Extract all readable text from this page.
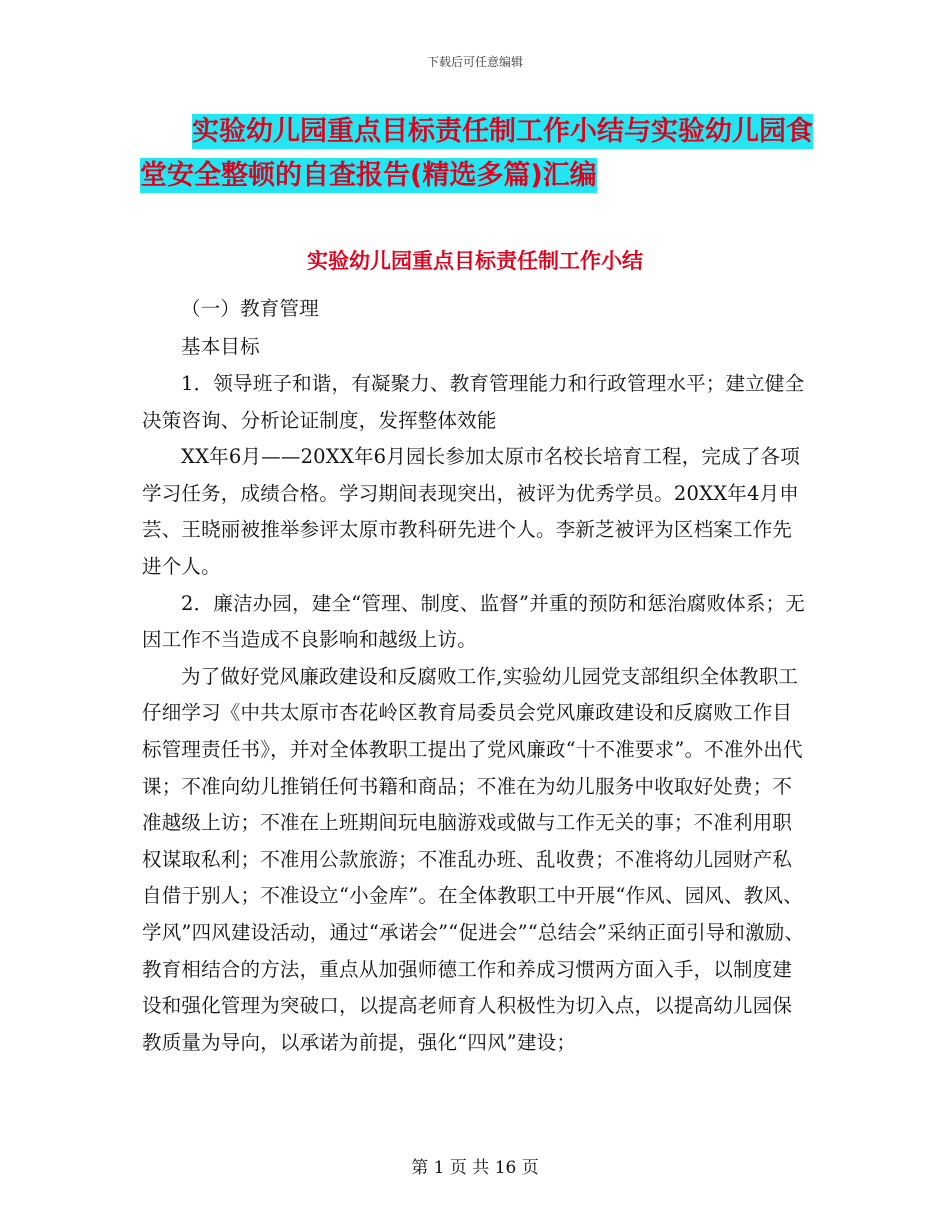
下载后可任意编辑

实验幼儿园重点目标责任制工作小结与实验幼儿园食
堂安全整顿的自查报告(精选多篇)汇编
实验幼儿园重点目标责任制工作小结

（一）教育管理

基本目标

1．领导班子和谐，有凝聚力、教育管理能力和行政管理水平；建立健全决策咨询、分析论证制度，发挥整体效能

XX年6月——20XX年6月园长参加太原市名校长培育工程，完成了各项学习任务，成绩合格。学习期间表现突出，被评为优秀学员。20XX年4月申芸、王晓丽被推举参评太原市教科研先进个人。李新芝被评为区档案工作先进个人。

2．廉洁办园，建全“管理、制度、监督”并重的预防和惩治腐败体系；无因工作不当造成不良影响和越级上访。

为了做好党风廉政建设和反腐败工作,实验幼儿园党支部组织全体教职工仔细学习《中共太原市杏花岭区教育局委员会党风廉政建设和反腐败工作目标管理责任书》，并对全体教职工提出了党风廉政“十不准要求”。不准外出代课；不准向幼儿推销任何书籍和商品；不准在为幼儿服务中收取好处费；不准越级上访；不准在上班期间玩电脑游戏或做与工作无关的事；不准利用职权谋取私利；不准用公款旅游；不准乱办班、乱收费；不准将幼儿园财产私自借于别人；不准设立“小金库”。在全体教职工中开展“作风、园风、教风、学风”四风建设活动，通过“承诺会”“促进会”“总结会”采纳正面引导和激励、教育相结合的方法，重点从加强师德工作和养成习惯两方面入手，以制度建设和强化管理为突破口，以提高老师育人积极性为切入点，以提高幼儿园保教质量为导向，以承诺为前提，强化“四风”建设；

第 1 页 共 16 页
